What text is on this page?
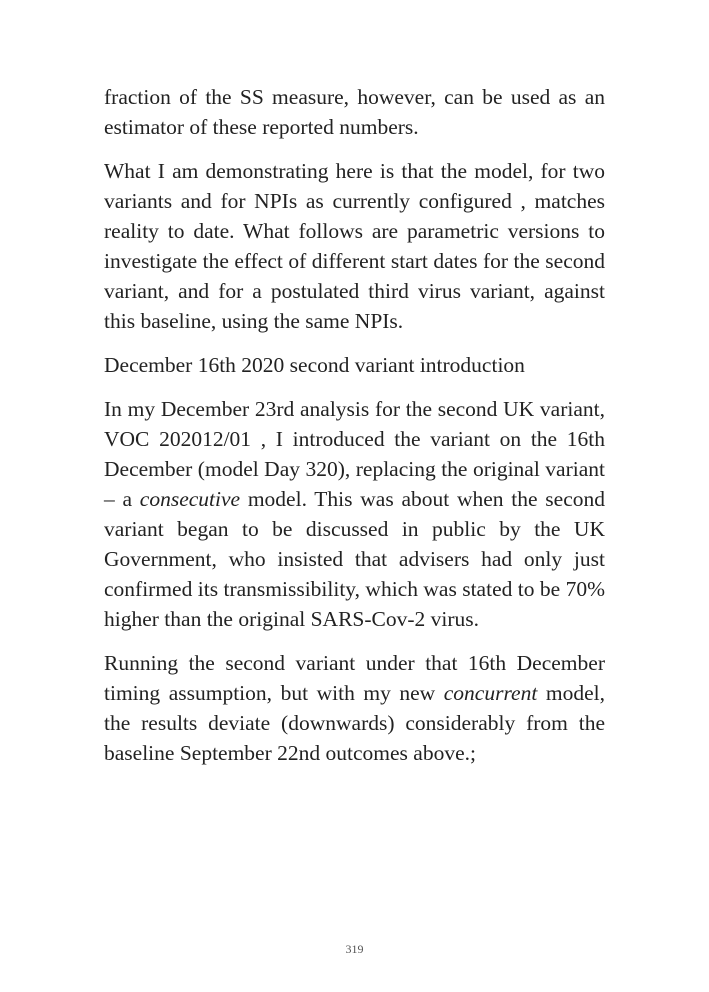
fraction of the SS measure, however, can be used as an estimator of these reported numbers.

What I am demonstrating here is that the model, for two variants and for NPIs as currently configured , matches reality to date. What follows are parametric versions to investigate the effect of different start dates for the second variant, and for a postulated third virus variant, against this baseline, using the same NPIs.

December 16th 2020 second variant introduction

In my December 23rd analysis for the second UK variant, VOC 202012/01 , I introduced the variant on the 16th December (model Day 320), replacing the original variant – a consecutive model. This was about when the second variant began to be discussed in public by the UK Government, who insisted that advisers had only just confirmed its transmissibility, which was stated to be 70% higher than the original SARS-Cov-2 virus.

Running the second variant under that 16th December timing assumption, but with my new concurrent model, the results deviate (downwards) considerably from the baseline September 22nd outcomes above.;

319
